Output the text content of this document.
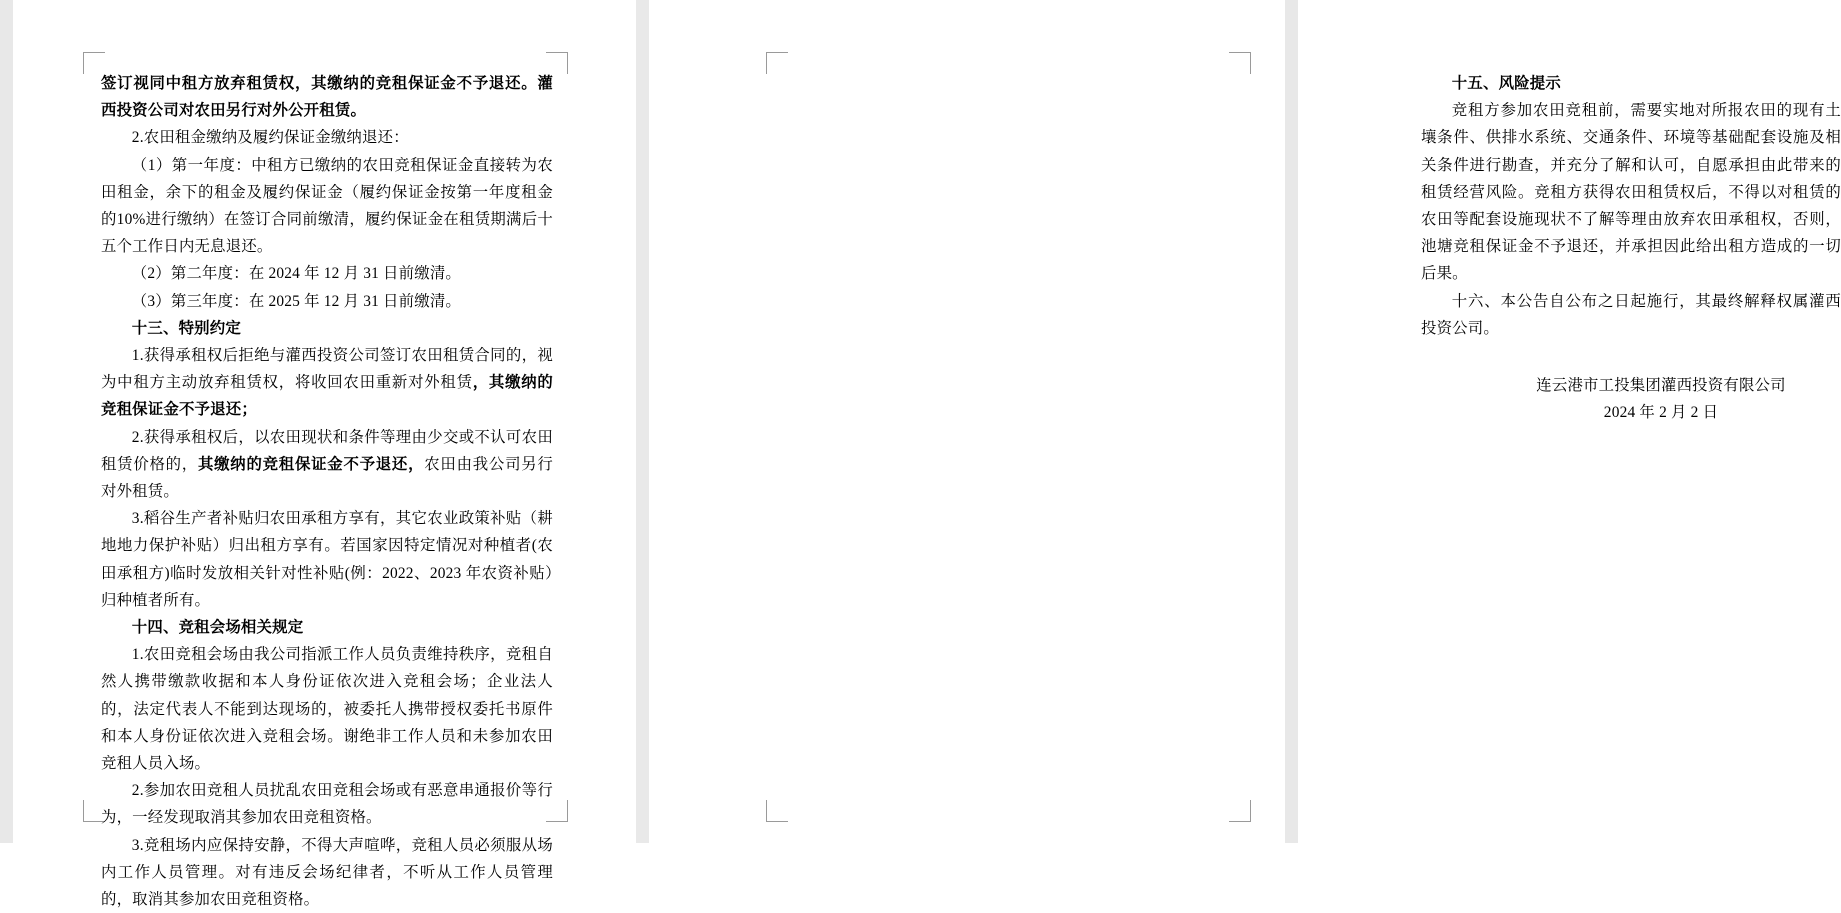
签订视同中租方放弃租赁权，其缴纳的竞租保证金不予退还。灌西投资公司对农田另行对外公开租赁。

2.农田租金缴纳及履约保证金缴纳退还：

（1）第一年度：中租方已缴纳的农田竞租保证金直接转为农田租金，余下的租金及履约保证金（履约保证金按第一年度租金的10%进行缴纳）在签订合同前缴清，履约保证金在租赁期满后十五个工作日内无息退还。

（2）第二年度：在 2024 年 12 月 31 日前缴清。

（3）第三年度：在 2025 年 12 月 31 日前缴清。

十三、特别约定

1.获得承租权后拒绝与灌西投资公司签订农田租赁合同的，视为中租方主动放弃租赁权，将收回农田重新对外租赁，其缴纳的竞租保证金不予退还；

2.获得承租权后，以农田现状和条件等理由少交或不认可农田租赁价格的，其缴纳的竞租保证金不予退还，农田由我公司另行对外租赁。

3.稻谷生产者补贴归农田承租方享有，其它农业政策补贴（耕地地力保护补贴）归出租方享有。若国家因特定情况对种植者(农田承租方)临时发放相关针对性补贴(例：2022、2023 年农资补贴）归种植者所有。

十四、竞租会场相关规定

1.农田竞租会场由我公司指派工作人员负责维持秩序，竞租自然人携带缴款收据和本人身份证依次进入竞租会场；企业法人的，法定代表人不能到达现场的，被委托人携带授权委托书原件和本人身份证依次进入竞租会场。谢绝非工作人员和未参加农田竞租人员入场。

2.参加农田竞租人员扰乱农田竞租会场或有恶意串通报价等行为，一经发现取消其参加农田竞租资格。

3.竞租场内应保持安静，不得大声喧哗，竞租人员必须服从场内工作人员管理。对有违反会场纪律者，不听从工作人员管理的，取消其参加农田竞租资格。

十五、风险提示

竞租方参加农田竞租前，需要实地对所报农田的现有土壤条件、供排水系统、交通条件、环境等基础配套设施及相关条件进行勘查，并充分了解和认可，自愿承担由此带来的租赁经营风险。竞租方获得农田租赁权后，不得以对租赁的农田等配套设施现状不了解等理由放弃农田承租权，否则，池塘竞租保证金不予退还，并承担因此给出租方造成的一切后果。

十六、本公告自公布之日起施行，其最终解释权属灌西投资公司。

连云港市工投集团灌西投资有限公司
2024 年 2 月 2 日
